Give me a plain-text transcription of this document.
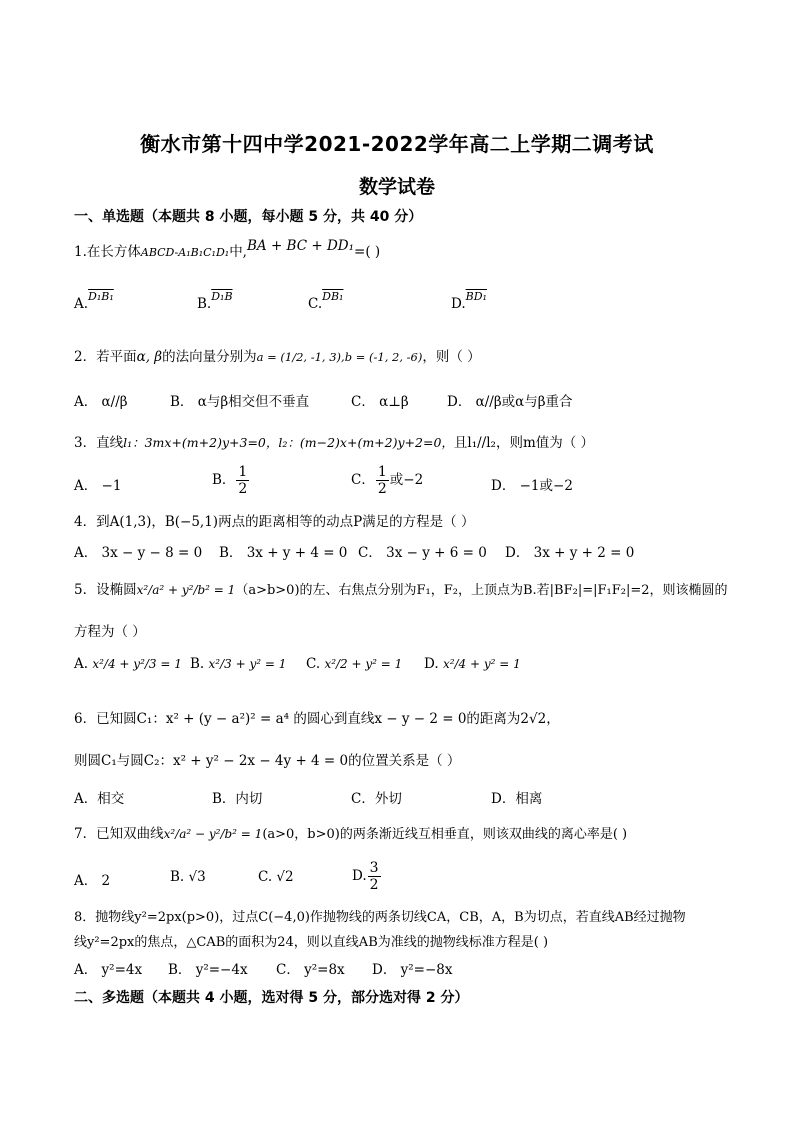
衡水市第十四中学2021-2022学年高二上学期二调考试
数学试卷
一、单选题（本题共 8 小题，每小题 5 分，共 40 分）
1.在长方体ABCD-A₁B₁C₁D₁中,BA + BC + DD₁=( )
A.$^{D_1B_1}$	B.$^{D_1B}$	C.$^{DB_1}$	D.$^{BD_1}$
2．若平面α, β的法向量分别为a = (1/2, -1, 3),b = (-1, 2, -6)，则（ ）
A． α//β	B． α与β相交但不垂直	C． α⊥β	D． α//β或α与β重合
3．直线l₁：3mx+(m+2)y+3=0，l₂：(m−2)x+(m+2)y+2=0，且l₁//l₂，则m值为（ ）
A． −1	B． $\frac{1}{2}$	C． $\frac{1}{2}$ 或−2	D． −1或−2
4．到A(1,3)，B(−5,1)两点的距离相等的动点P满足的方程是（ ）
A． 3x − y − 8 = 0 B． 3x + y + 4 = 0 C． 3x − y + 6 = 0 D． 3x + y + 2 = 0
5．设椭圆x²/a² + y²/b² = 1（a>b>0)的左、右焦点分别为F₁，F₂，上顶点为B.若|BF₂|=|F₁F₂|=2，则该椭圆的
方程为（ ）
A. x²/4 + y²/3 = 1 B. x²/3 + y² = 1 C. x²/2 + y² = 1 D. x²/4 + y² = 1
6．已知圆C₁：x² + (y − a²)² = a⁴ 的圆心到直线x − y − 2 = 0的距离为2√2，
则圆C₁与圆C₂：x² + y² − 2x − 4y + 4 = 0的位置关系是（ ）
A．相交	B．内切	C．外切	D．相离
7．已知双曲线x²/a² − y²/b² = 1(a>0，b>0)的两条渐近线互相垂直，则该双曲线的离心率是( )
A． 2	B. √3	C. √2	D. $\frac{3}{2}$
8．抛物线y²=2px(p>0)，过点C(−4,0)作抛物线的两条切线CA，CB，A，B为切点，若直线AB经过抛物
线y²=2px的焦点，△CAB的面积为24，则以直线AB为准线的抛物线标准方程是( )
A． y²=4x B． y²=−4x C． y²=8x D． y²=−8x
二、多选题（本题共 4 小题，选对得 5 分，部分选对得 2 分）
